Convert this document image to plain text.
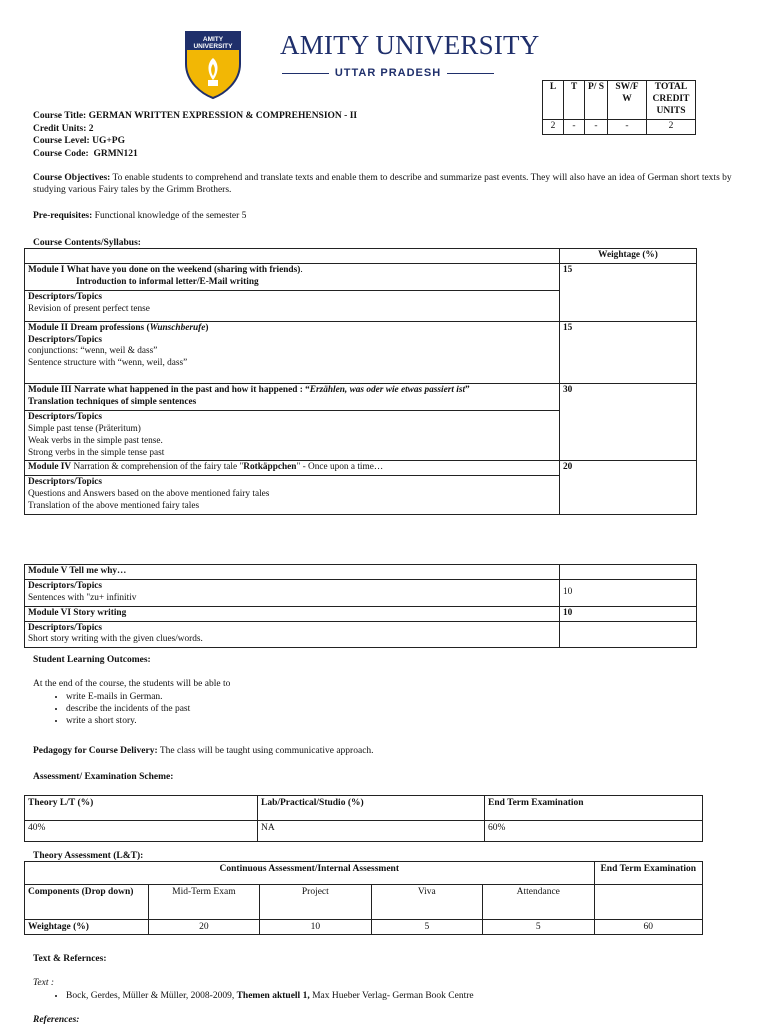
AMITY UNIVERSITY AMITY UNIVERSITY
UTTAR PRADESH
L	T	P/ S	SW/F W	TOTAL CREDIT UNITS
2	-	-	-	2
Course Title: GERMAN WRITTEN EXPRESSION & COMPREHENSION - II
Credit Units: 2
Course Level: UG+PG
Course Code: GRMN121

Course Objectives: To enable students to comprehend and translate texts and enable them to describe and summarize past events. They will also have an idea of German short texts by studying various Fairy tales by the Grimm Brothers.

Pre-requisites: Functional knowledge of the semester 5

Course Contents/Syllabus:

	Weightage (%)
Module I What have you done on the weekend (sharing with friends).
Introduction to informal letter/E-Mail writing	15
Descriptors/Topics
Revision of present perfect tense	
Module II Dream professions (Wunschberufe)
Descriptors/Topics
conjunctions: “wenn, weil & dass”
Sentence structure with “wenn, weil, dass”	15
Module III Narrate what happened in the past and how it happened : “Erzählen, was oder wie etwas passiert ist”
Translation techniques of simple sentences	30
Descriptors/Topics
Simple past tense (Präteritum)
Weak verbs in the simple past tense.
Strong verbs in the simple tense past	
Module IV Narration & comprehension of the fairy tale "Rotkäppchen" - Once upon a time…	20
Descriptors/Topics
Questions and Answers based on the above mentioned fairy tales
Translation of the above mentioned fairy tales	
Module V Tell me why…	
Descriptors/Topics
Sentences with "zu+ infinitiv	10
Module VI Story writing	10
Descriptors/Topics
Short story writing with the given clues/words.	

Student Learning Outcomes:

At the end of the course, the students will be able to

• write E-mails in German.
• describe the incidents of the past
• write a short story.

Pedagogy for Course Delivery: The class will be taught using communicative approach.

Assessment/ Examination Scheme:

Theory L/T (%)	Lab/Practical/Studio (%)	End Term Examination
40%	NA	60%

Theory Assessment (L&T):

Continuous Assessment/Internal Assessment					End Term Examination
Components (Drop down)	Mid-Term Exam	Project	Viva	Attendance	
Weightage (%)	20	10	5	5	60

Text & Refernces:

Text :

• Bock, Gerdes, Müller & Müller, 2008-2009, Themen aktuell 1, Max Hueber Verlag- German Book Centre

References:
